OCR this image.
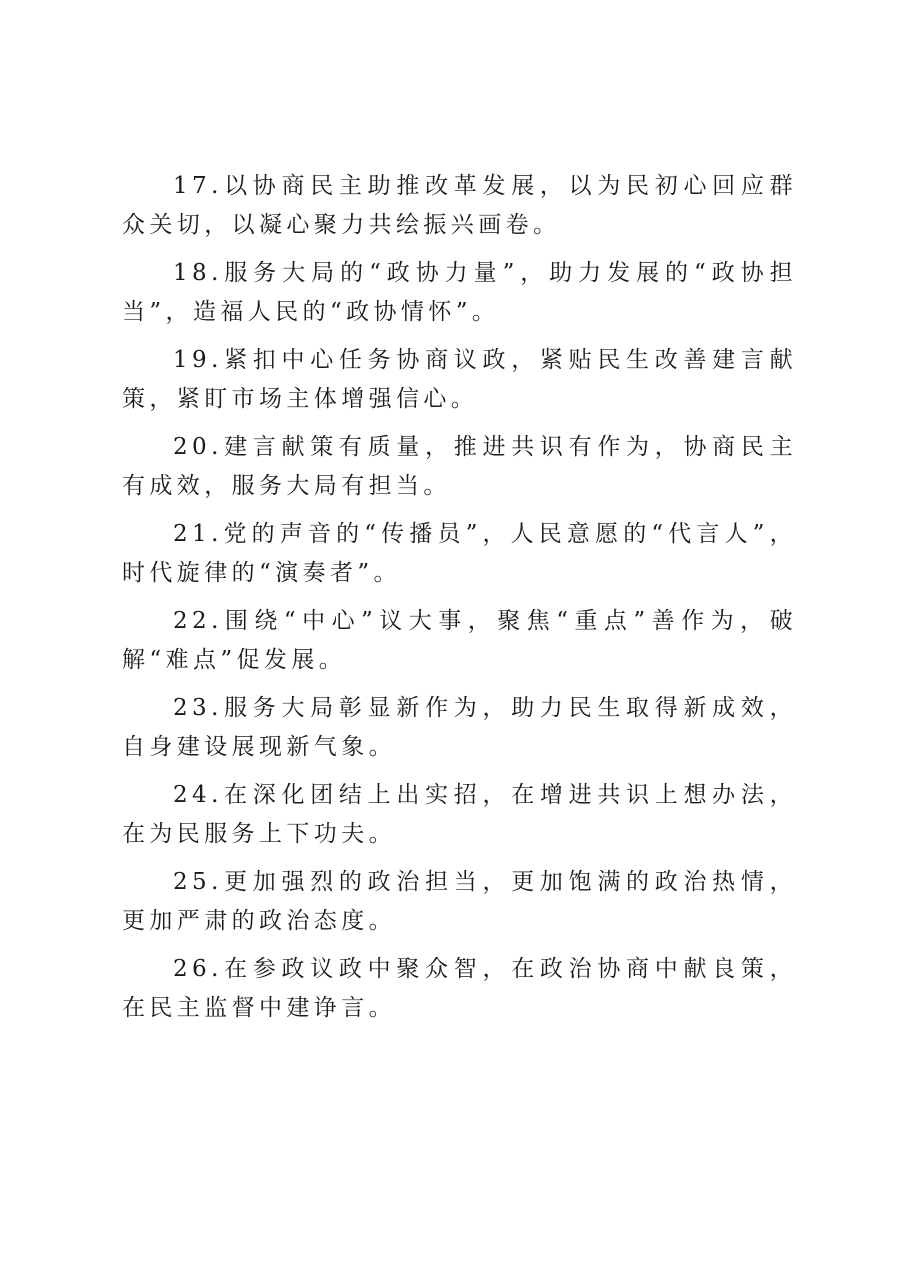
17.以协商民主助推改革发展，以为民初心回应群众关切，以凝心聚力共绘振兴画卷。

18.服务大局的“政协力量”，助力发展的“政协担当”，造福人民的“政协情怀”。

19.紧扣中心任务协商议政，紧贴民生改善建言献策，紧盯市场主体增强信心。

20.建言献策有质量，推进共识有作为，协商民主有成效，服务大局有担当。

21.党的声音的“传播员”，人民意愿的“代言人”，时代旋律的“演奏者”。

22.围绕“中心”议大事，聚焦“重点”善作为，破解“难点”促发展。

23.服务大局彰显新作为，助力民生取得新成效，自身建设展现新气象。

24.在深化团结上出实招，在增进共识上想办法，在为民服务上下功夫。

25.更加强烈的政治担当，更加饱满的政治热情，更加严肃的政治态度。

26.在参政议政中聚众智，在政治协商中献良策，在民主监督中建诤言。
